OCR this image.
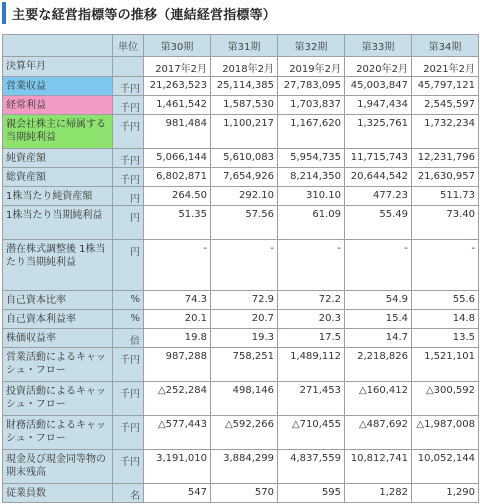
主要な経営指標等の推移（連結経営指標等）
	単位	第30期	第31期	第32期	第33期	第34期
決算年月		2017年2月	2018年2月	2019年2月	2020年2月	2021年2月
営業収益	千円	21,263,523	25,114,385	27,783,095	45,003,847	45,797,121
経常利益	千円	1,461,542	1,587,530	1,703,837	1,947,434	2,545,597
親会社株主に帰属する当期純利益	千円	981,484	1,100,217	1,167,620	1,325,761	1,732,234
純資産額	千円	5,066,144	5,610,083	5,954,735	11,715,743	12,231,796
総資産額	千円	6,802,871	7,654,926	8,214,350	20,644,542	21,630,957
1株当たり純資産額	円	264.50	292.10	310.10	477.23	511.73
1株当たり当期純利益	円	51.35	57.56	61.09	55.49	73.40
潜在株式調整後 1株当たり当期純利益	円	-	-	-	-	-
自己資本比率	%	74.3	72.9	72.2	54.9	55.6
自己資本利益率	%	20.1	20.7	20.3	15.4	14.8
株価収益率	倍	19.8	19.3	17.5	14.7	13.5
営業活動によるキャッシュ・フロー	千円	987,288	758,251	1,489,112	2,218,826	1,521,101
投資活動によるキャッシュ・フロー	千円	△252,284	498,146	271,453	△160,412	△300,592
財務活動によるキャッシュ・フロー	千円	△577,443	△592,266	△710,455	△487,692	△1,987,008
現金及び現金同等物の期末残高	千円	3,191,010	3,884,299	4,837,559	10,812,741	10,052,144
従業員数	名	547	570	595	1,282	1,290
